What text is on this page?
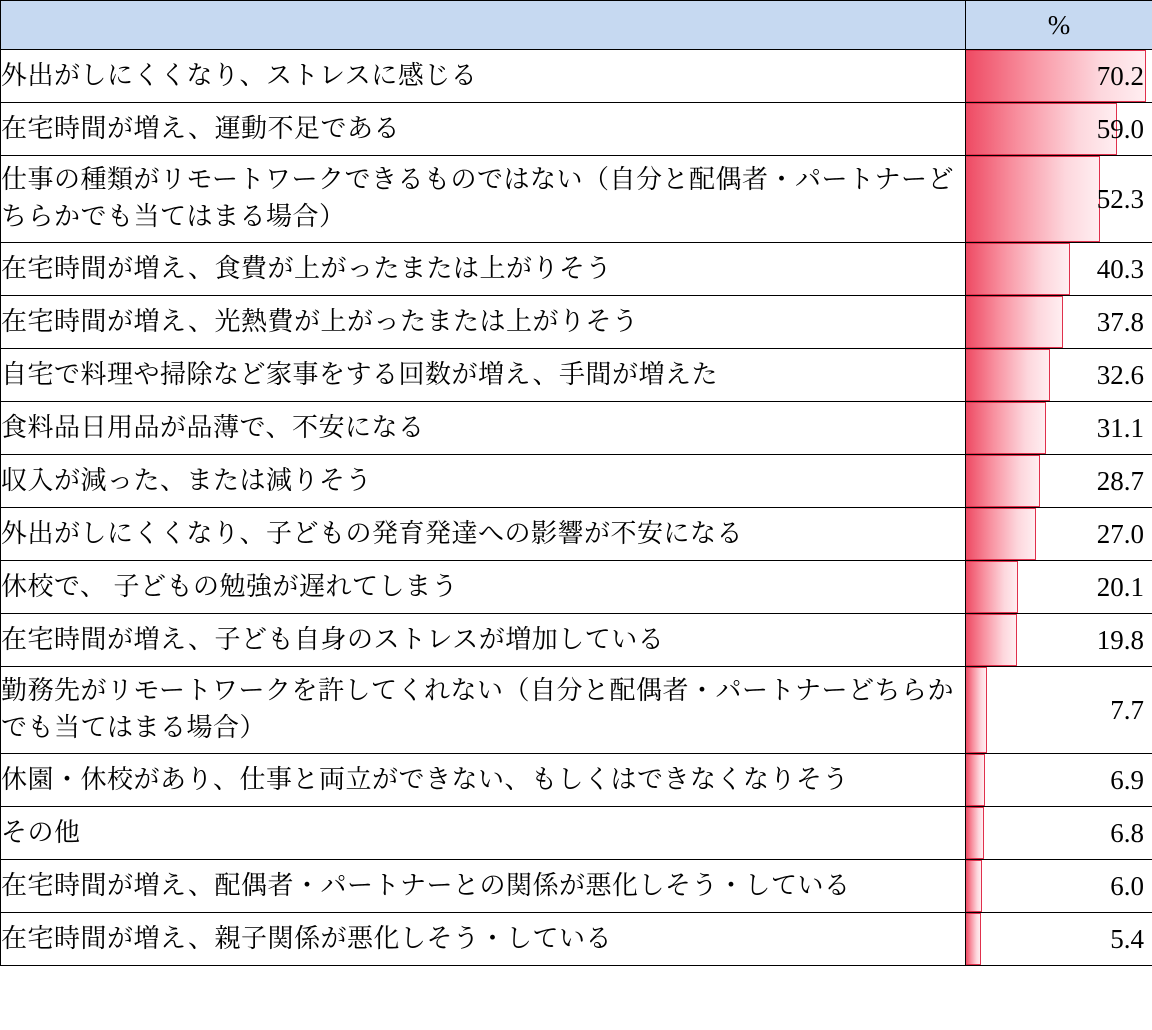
	%
外出がしにくくなり、ストレスに感じる	70.2

在宅時間が増え、運動不足である	59.0

仕事の種類がリモートワークできるものではない（自分と配偶者・パートナーどちらかでも当てはまる場合）	52.3

在宅時間が増え、食費が上がったまたは上がりそう	40.3

在宅時間が増え、光熱費が上がったまたは上がりそう	37.8

自宅で料理や掃除など家事をする回数が増え、手間が増えた	32.6

食料品日用品が品薄で、不安になる	31.1

収入が減った、または減りそう	28.7

外出がしにくくなり、子どもの発育発達への影響が不安になる	27.0

休校で、 子どもの勉強が遅れてしまう	20.1

在宅時間が増え、子ども自身のストレスが増加している	19.8

勤務先がリモートワークを許してくれない（自分と配偶者・パートナーどちらかでも当てはまる場合）	7.7

休園・休校があり、仕事と両立ができない、もしくはできなくなりそう	6.9

その他	6.8

在宅時間が増え、配偶者・パートナーとの関係が悪化しそう・している	6.0

在宅時間が増え、親子関係が悪化しそう・している	5.4
